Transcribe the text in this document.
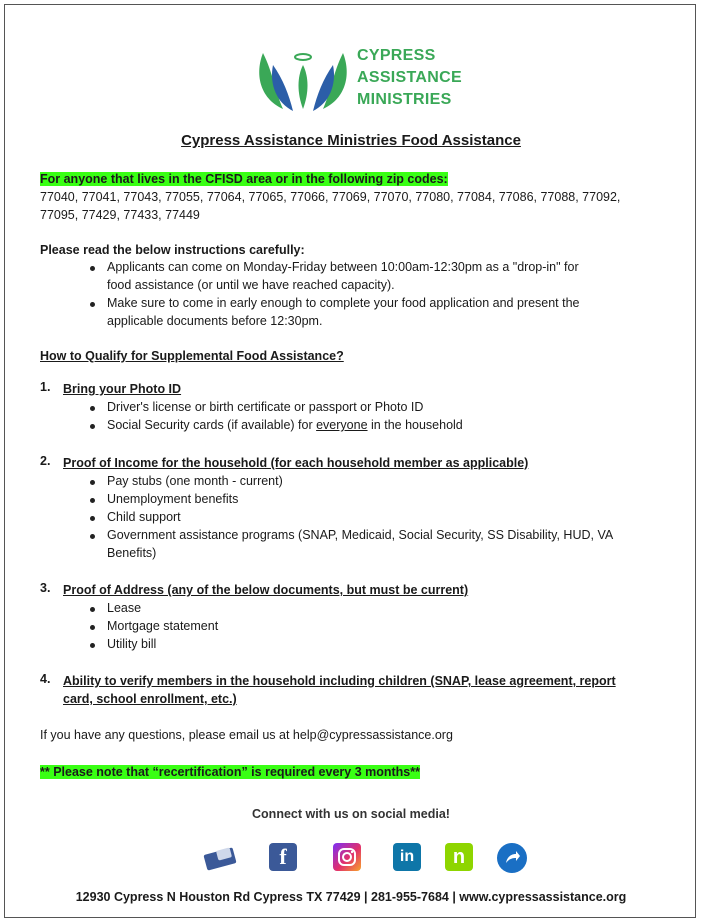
CYPRESS
ASSISTANCE
MINISTRIES
Cypress Assistance Ministries Food Assistance
For anyone that lives in the CFISD area or in the following zip codes:
77040, 77041, 77043, 77055, 77064, 77065, 77066, 77069, 77070, 77080, 77084, 77086, 77088, 77092,
77095, 77429, 77433, 77449
Please read the below instructions carefully:
Applicants can come on Monday-Friday between 10:00am-12:30pm as a "drop-in" for
food assistance (or until we have reached capacity).
Make sure to come in early enough to complete your food application and present the
applicable documents before 12:30pm.
How to Qualify for Supplemental Food Assistance?
1. Bring your Photo ID
Driver's license or birth certificate or passport or Photo ID
Social Security cards (if available) for everyone in the household
2. Proof of Income for the household (for each household member as applicable)
Pay stubs (one month - current)
Unemployment benefits
Child support
Government assistance programs (SNAP, Medicaid, Social Security, SS Disability, HUD, VA
Benefits)
3. Proof of Address (any of the below documents, but must be current)
Lease
Mortgage statement
Utility bill
4. Ability to verify members in the household including children (SNAP, lease agreement, report
card, school enrollment, etc.)
If you have any questions, please email us at help@cypressassistance.org
** Please note that “recertification” is required every 3 months**
Connect with us on social media!
f	in	n
12930 Cypress N Houston Rd Cypress TX 77429 | 281-955-7684 | www.cypressassistance.org
